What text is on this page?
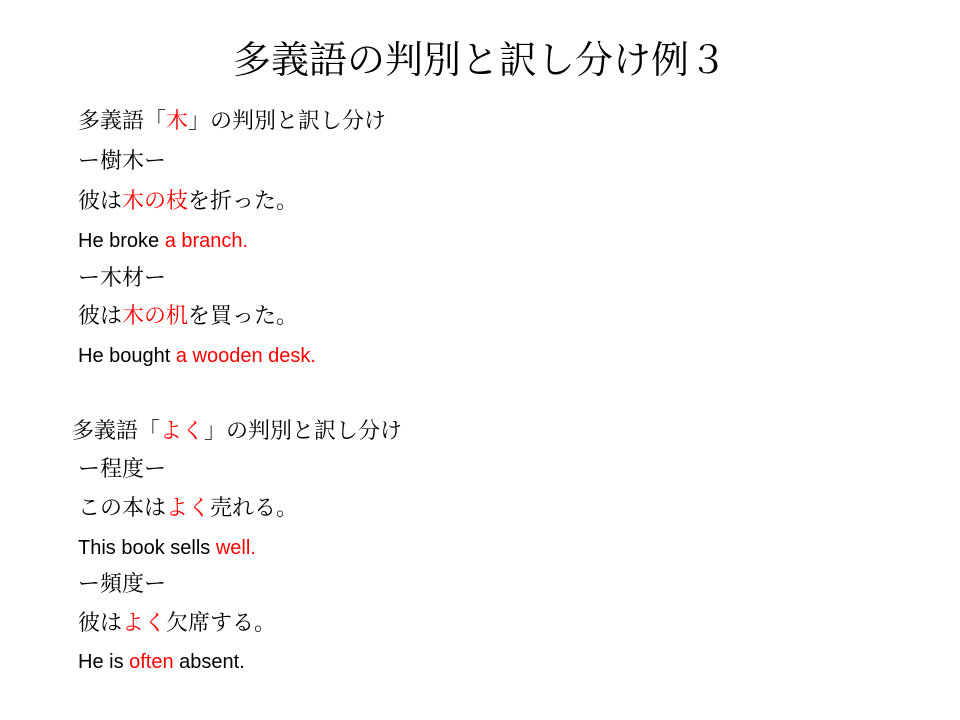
多義語の判別と訳し分け例３
多義語「木」の判別と訳し分け
ー樹木ー
彼は木の枝を折った。
He broke a branch.
ー木材ー
彼は木の机を買った。
He bought a wooden desk.
多義語「よく」の判別と訳し分け
ー程度ー
この本はよく売れる。
This book sells well.
ー頻度ー
彼はよく欠席する。
He is often absent.
